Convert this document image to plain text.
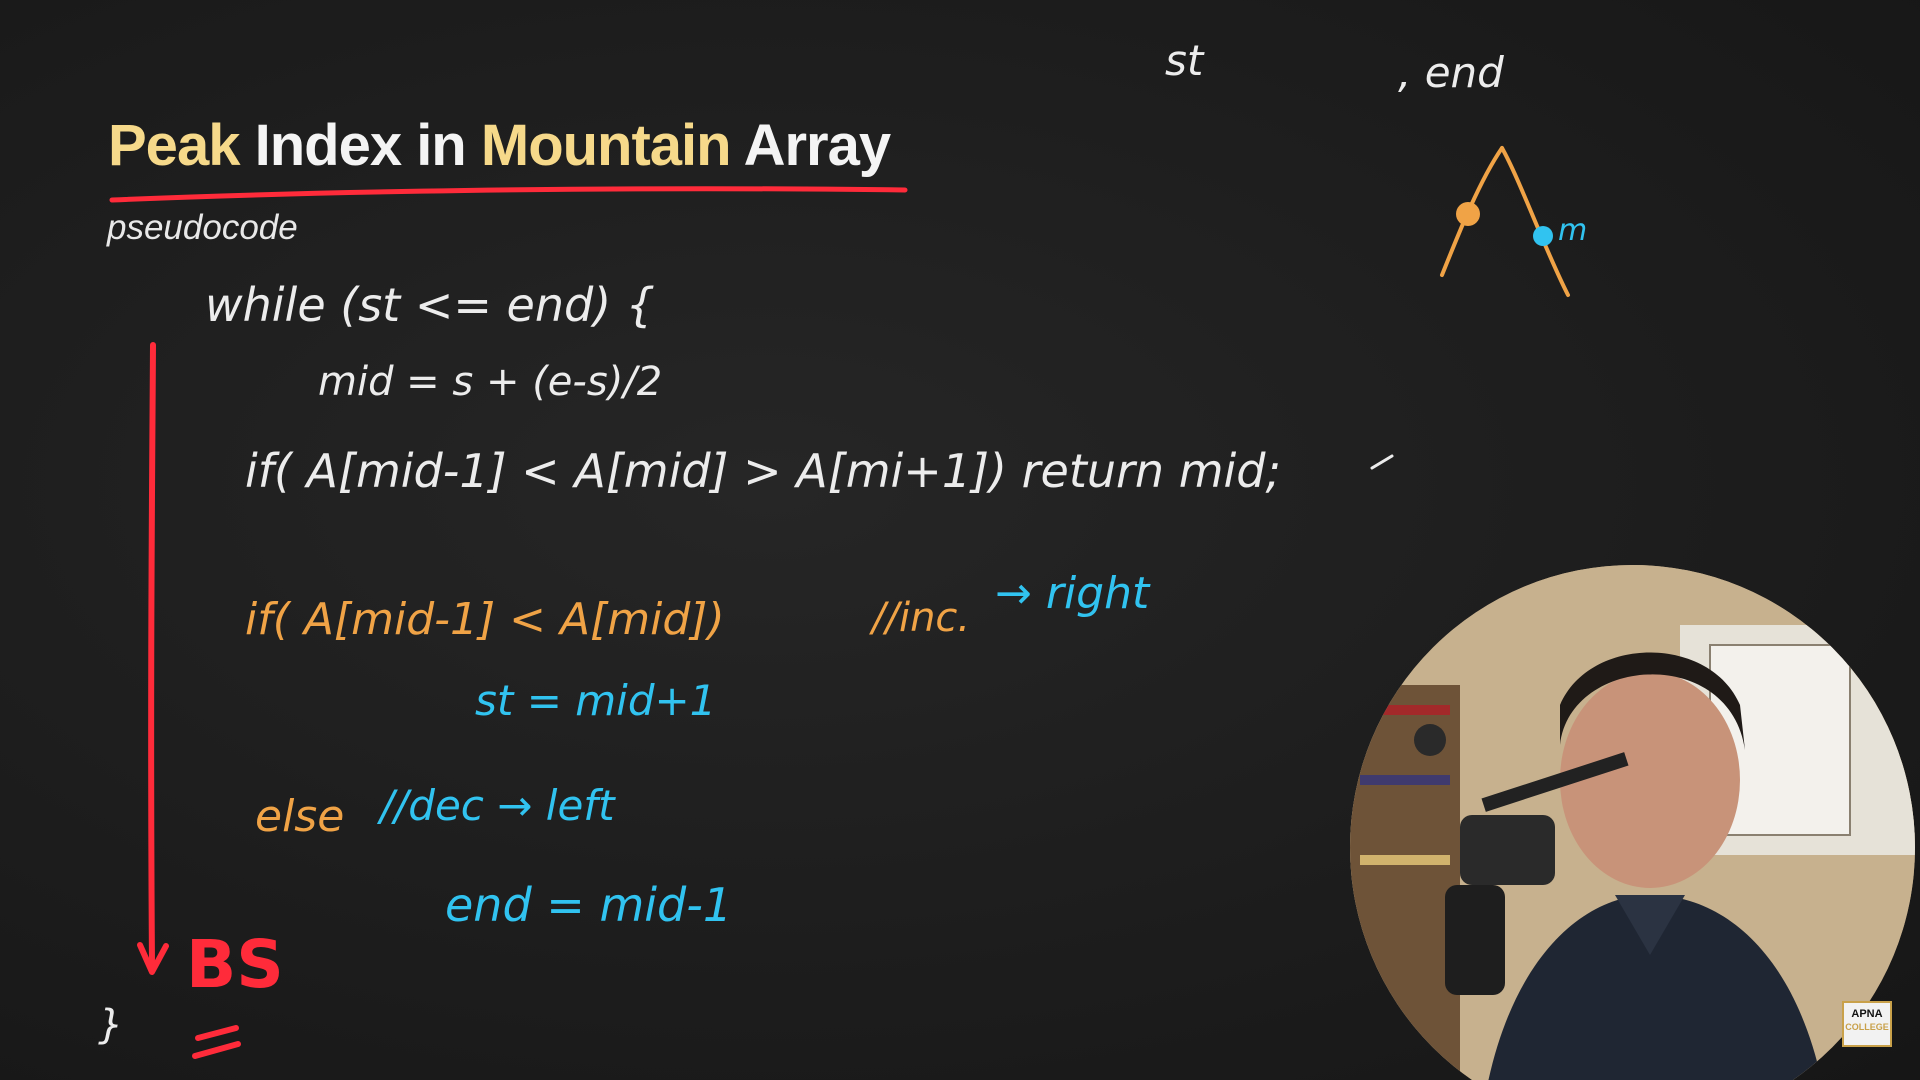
Peak Index in Mountain Array

pseudocode

st	, end

while (st <= end) {

mid = s + (e-s)/2

if( A[mid-1] < A[mid] > A[mi+1]) return mid;

if( A[mid-1] < A[mid])	//inc. → right

st = mid+1

else //dec → left

end = mid-1

}

BS

m
APNA
COLLEGE
